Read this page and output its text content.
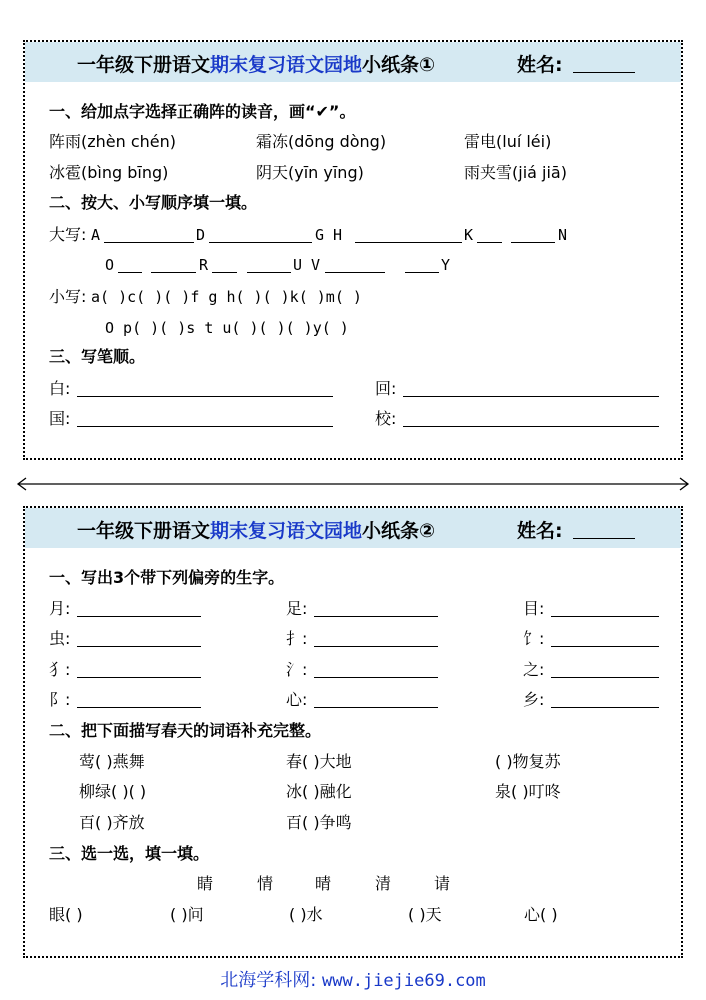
一年级下册语文期末复习语文园地小纸条①	姓名:
一、给加点字选择正确阵的读音，画“✔”。
阵雨(zhèn chén)	霜冻(dōng dòng)	雷电(luí léi)
冰雹(bìng bīng)	阴天(yīn yīng)	雨夹雪(jiá jiā)
二、按大、小写顺序填一填。
大写: A	D	G H	K	N
O	R	U V	Y
小写: a( )c( )( )f g h( )( )k( )m( )
O p( )( )s t u( )( )( )y( )
三、写笔顺。
白:	回:
国:	校:
一年级下册语文期末复习语文园地小纸条②	姓名:
一、写出3个带下列偏旁的生字。
月:	足:	目:
虫:	扌:	饣:
犭:	氵:	之:
阝:	心:	乡:
二、把下面描写春天的词语补充完整。
莺( )燕舞	春( )大地	( )物复苏
柳绿( )( )	冰( )融化	泉( )叮咚
百( )齐放	百( )争鸣
三、选一选，填一填。
睛	情	晴	清	请
眼( )	( )问	( )水	( )天	心( )
北海学科网: www.jiejie69.com
